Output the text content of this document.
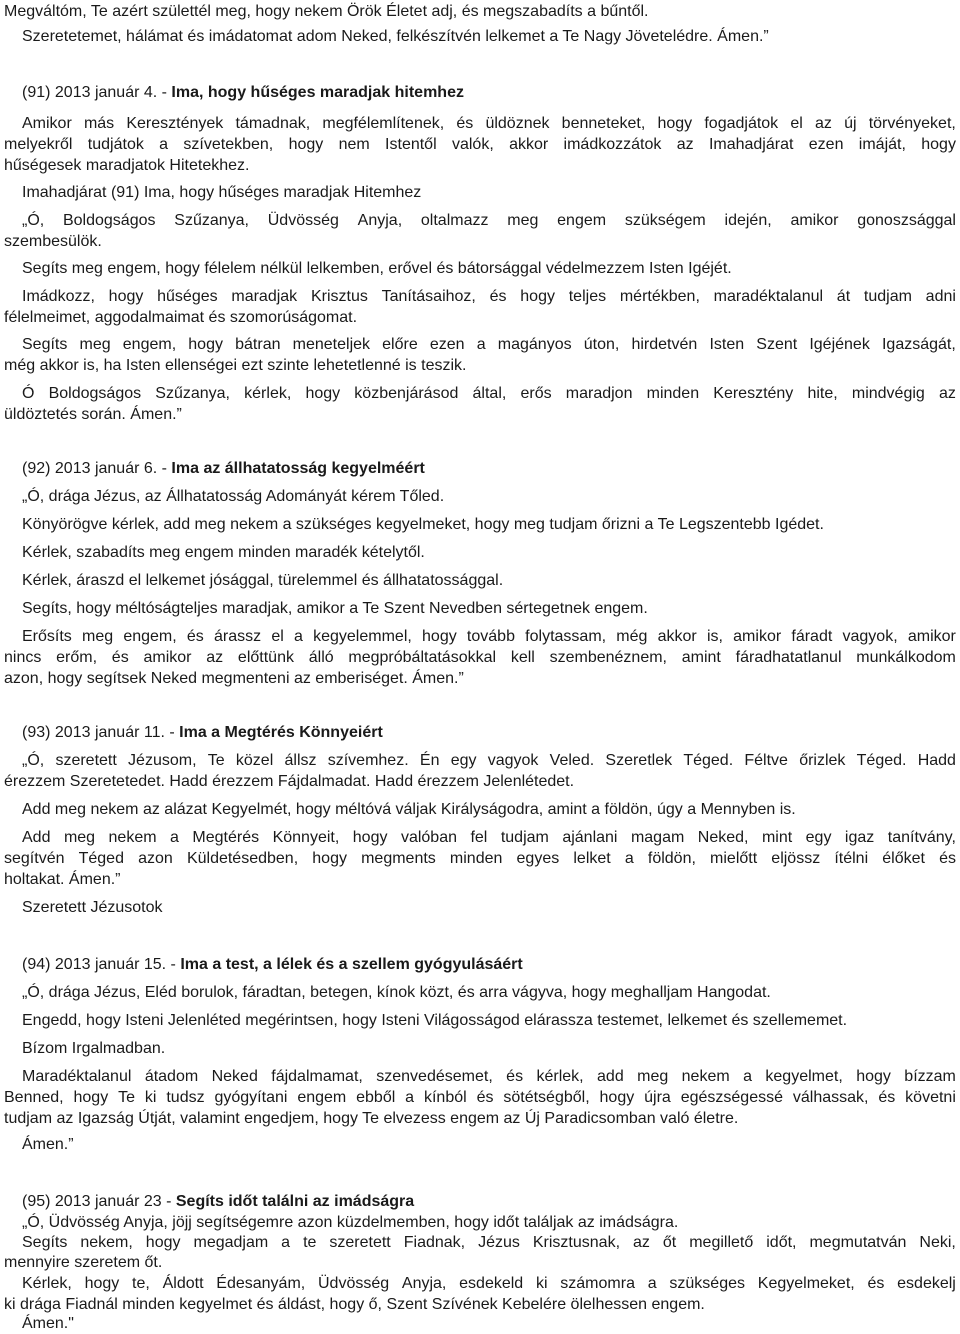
Megváltóm, Te azért születtél meg, hogy nekem Örök Életet adj, és megszabadíts a bűntől.
Szeretetemet, hálámat és imádatomat adom Neked, felkészítvén lelkemet a Te Nagy Jövetelédre. Ámen.”
(91) 2013 január 4. - Ima, hogy hűséges maradjak hitemhez
Amikor más Keresztények támadnak, megfélemlítenek, és üldöznek benneteket, hogy fogadjátok el az új törvényeket,
melyekről tudjátok a szívetekben, hogy nem Istentől valók, akkor imádkozzátok az Imahadjárat ezen imáját, hogy
hűségesek maradjatok Hitetekhez.
Imahadjárat (91) Ima, hogy hűséges maradjak Hitemhez
„Ó, Boldogságos Szűzanya, Üdvösség Anyja, oltalmazz meg engem szükségem idején, amikor gonoszsággal
szembesülök.
Segíts meg engem, hogy félelem nélkül lelkemben, erővel és bátorsággal védelmezzem Isten Igéjét.
Imádkozz, hogy hűséges maradjak Krisztus Tanításaihoz, és hogy teljes mértékben, maradéktalanul át tudjam adni
félelmeimet, aggodalmaimat és szomorúságomat.
Segíts meg engem, hogy bátran meneteljek előre ezen a magányos úton, hirdetvén Isten Szent Igéjének Igazságát,
még akkor is, ha Isten ellenségei ezt szinte lehetetlenné is teszik.
Ó Boldogságos Szűzanya, kérlek, hogy közbenjárásod által, erős maradjon minden Keresztény hite, mindvégig az
üldöztetés során. Ámen.”
(92) 2013 január 6. - Ima az állhatatosság kegyelméért
„Ó, drága Jézus, az Állhatatosság Adományát kérem Tőled.
Könyörögve kérlek, add meg nekem a szükséges kegyelmeket, hogy meg tudjam őrizni a Te Legszentebb Igédet.
Kérlek, szabadíts meg engem minden maradék kételytől.
Kérlek, áraszd el lelkemet jósággal, türelemmel és állhatatossággal.
Segíts, hogy méltóságteljes maradjak, amikor a Te Szent Nevedben sértegetnek engem.
Erősíts meg engem, és árassz el a kegyelemmel, hogy tovább folytassam, még akkor is, amikor fáradt vagyok, amikor
nincs erőm, és amikor az előttünk álló megpróbáltatásokkal kell szembenéznem, amint fáradhatatlanul munkálkodom
azon, hogy segítsek Neked megmenteni az emberiséget. Ámen.”
(93) 2013 január 11. - Ima a Megtérés Könnyeiért
„Ó, szeretett Jézusom, Te közel állsz szívemhez. Én egy vagyok Veled. Szeretlek Téged. Féltve őrizlek Téged. Hadd
érezzem Szeretetedet. Hadd érezzem Fájdalmadat. Hadd érezzem Jelenlétedet.
Add meg nekem az alázat Kegyelmét, hogy méltóvá váljak Királyságodra, amint a földön, úgy a Mennyben is.
Add meg nekem a Megtérés Könnyeit, hogy valóban fel tudjam ajánlani magam Neked, mint egy igaz tanítvány,
segítvén Téged azon Küldetésedben, hogy megments minden egyes lelket a földön, mielőtt eljössz ítélni élőket és
holtakat. Ámen.”
Szeretett Jézusotok
(94) 2013 január 15. - Ima a test, a lélek és a szellem gyógyulásáért
„Ó, drága Jézus, Eléd borulok, fáradtan, betegen, kínok közt, és arra vágyva, hogy meghalljam Hangodat.
Engedd, hogy Isteni Jelenléted megérintsen, hogy Isteni Világosságod elárassza testemet, lelkemet és szellememet.
Bízom Irgalmadban.
Maradéktalanul átadom Neked fájdalmamat, szenvedésemet, és kérlek, add meg nekem a kegyelmet, hogy bízzam
Benned, hogy Te ki tudsz gyógyítani engem ebből a kínból és sötétségből, hogy újra egészségessé válhassak, és követni
tudjam az Igazság Útját, valamint engedjem, hogy Te elvezess engem az Új Paradicsomban való életre.
Ámen.”
(95) 2013 január 23 - Segíts időt találni az imádságra
„Ó, Üdvösség Anyja, jöjj segítségemre azon küzdelmemben, hogy időt találjak az imádságra.
Segíts nekem, hogy megadjam a te szeretett Fiadnak, Jézus Krisztusnak, az őt megillető időt, megmutatván Neki,
mennyire szeretem őt.
Kérlek, hogy te, Áldott Édesanyám, Üdvösség Anyja, esdekeld ki számomra a szükséges Kegyelmeket, és esdekelj
ki drága Fiadnál minden kegyelmet és áldást, hogy ő, Szent Szívének Kebelére ölelhessen engem.
Ámen."
